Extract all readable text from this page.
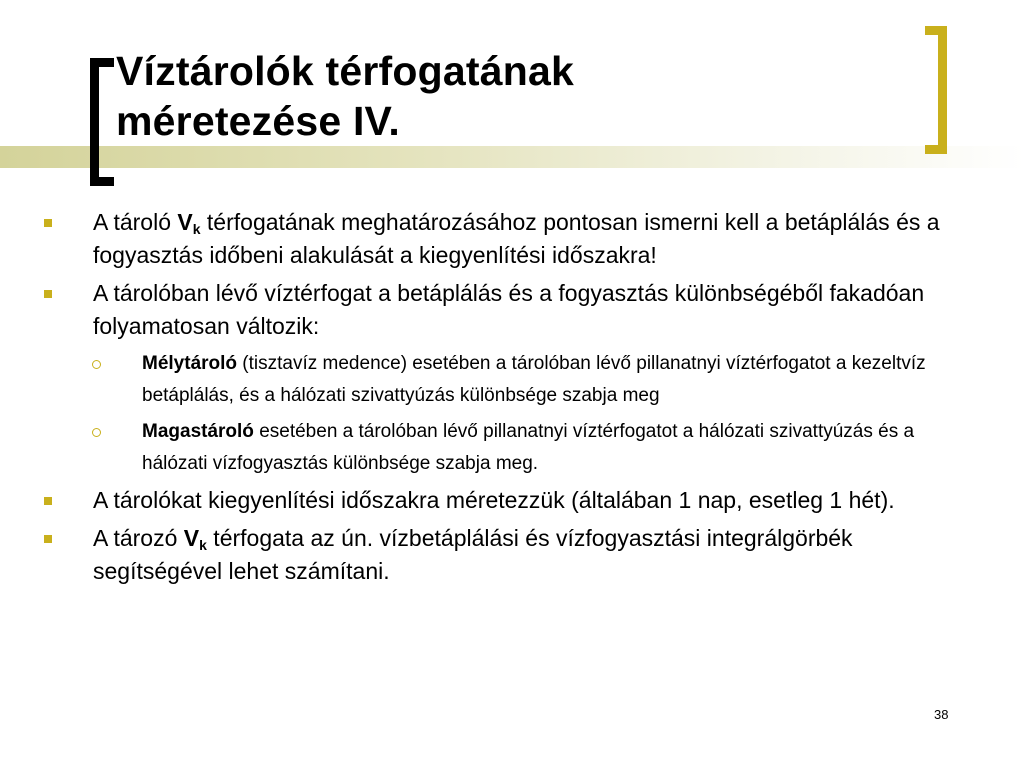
Víztárolók térfogatának
méretezése IV.
A tároló $V_k$ térfogatának meghatározásához pontosan ismerni kell a betáplálás és a fogyasztás időbeni alakulását a kiegyenlítési időszakra!
A tárolóban lévő víztérfogat a betáplálás és a fogyasztás különbségéből fakadóan folyamatosan változik:
Mélytároló (tisztavíz medence) esetében a tárolóban lévő pillanatnyi víztérfogatot a kezeltvíz betáplálás, és a hálózati szivattyúzás különbsége szabja meg
Magastároló esetében a tárolóban lévő pillanatnyi víztérfogatot a hálózati szivattyúzás és a hálózati vízfogyasztás különbsége szabja meg.
A tárolókat kiegyenlítési időszakra méretezzük (általában 1 nap, esetleg 1 hét).
A tározó $V_k$ térfogata az ún. vízbetáplálási és vízfogyasztási integrálgörbék segítségével lehet számítani.
38
